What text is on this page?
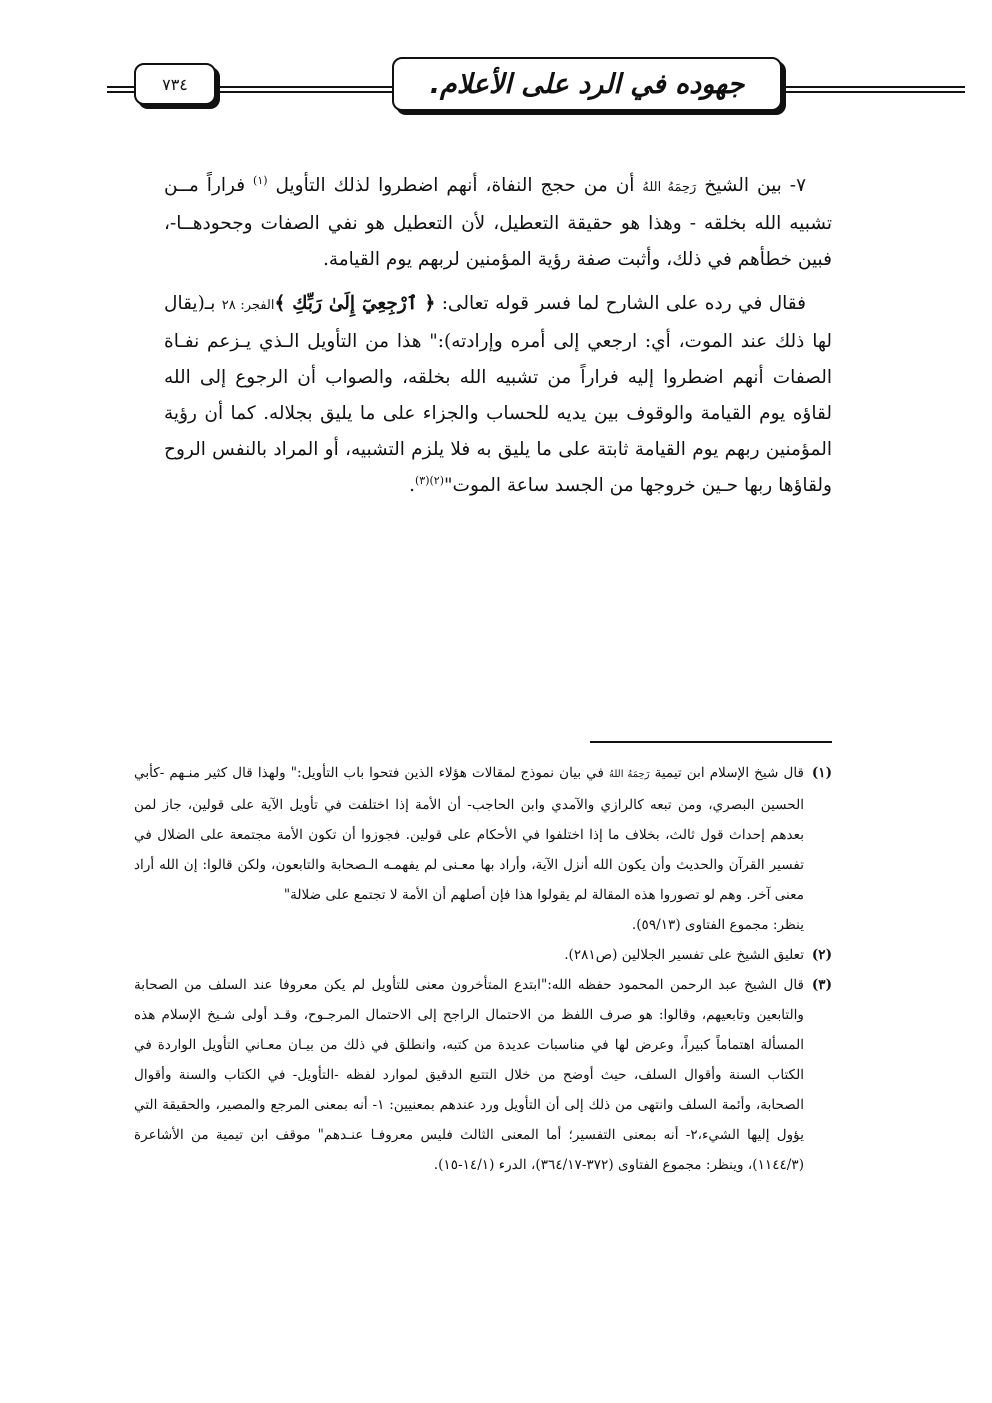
٧٣٤	جهوده في الرد على الأعلام.

٧- بين الشيخ رَحِمَهُ اللهُ أن من حجج النفاة، أنهم اضطروا لذلك التأويل $^{(١)}$ فراراً مــن تشبيه الله بخلقه - وهذا هو حقيقة التعطيل، لأن التعطيل هو نفي الصفات وجحودهــا-، فبين خطأهم في ذلك، وأثبت صفة رؤية المؤمنين لربهم يوم القيامة.

فقال في رده على الشارح لما فسر قوله تعالى: ﴿ ٱرْجِعِيٓ إِلَىٰ رَبِّكِ ﴾الفجر: ٢٨ بـ(يقال لها ذلك عند الموت، أي: ارجعي إلى أمره وإرادته):" هذا من التأويل الـذي يـزعم نفـاة الصفات أنهم اضطروا إليه فراراً من تشبيه الله بخلقه، والصواب أن الرجوع إلى الله لقاؤه يوم القيامة والوقوف بين يديه للحساب والجزاء على ما يليق بجلاله. كما أن رؤية المؤمنين ربهم يوم القيامة ثابتة على ما يليق به فلا يلزم التشبيه، أو المراد بالنفس الروح ولقاؤها ربها حـين خروجها من الجسد ساعة الموت"$^{(٢)(٣)}$.

(١)
قال شيخ الإسلام ابن تيمية رَحِمَهُ اللهُ في بيان نموذج لمقالات هؤلاء الذين فتحوا باب التأويل:" ولهذا قال كثير منـهم -كأبي الحسين البصري، ومن تبعه كالرازي والآمدي وابن الحاجب- أن الأمة إذا اختلفت في تأويل الآية على قولين، جاز لمن بعدهم إحداث قول ثالث، بخلاف ما إذا اختلفوا في الأحكام على قولين. فجوزوا أن تكون الأمة مجتمعة على الضلال في تفسير القرآن والحديث وأن يكون الله أنزل الآية، وأراد بها معـنى لم يفهمـه الـصحابة والتابعون، ولكن قالوا: إن الله أراد معنى آخر. وهم لو تصوروا هذه المقالة لم يقولوا هذا فإن أصلهم أن الأمة لا تجتمع على ضلالة"

ينظر: مجموع الفتاوى (٥٩/١٣).

(٢)
تعليق الشيخ على تفسير الجلالين (ص٢٨١).
(٣)
قال الشيخ عبد الرحمن المحمود حفظه الله:"ابتدع المتأخرون معنى للتأويل لم يكن معروفا عند السلف من الصحابة والتابعين وتابعيهم، وقالوا: هو صرف اللفظ من الاحتمال الراجح إلى الاحتمال المرجـوح، وقـد أولى شـيخ الإسلام هذه المسألة اهتماماً كبيراً، وعرض لها في مناسبات عديدة من كتبه، وانطلق في ذلك من بيـان معـاني التأويل الواردة في الكتاب السنة وأقوال السلف، حيث أوضح من خلال التتبع الدقيق لموارد لفظه -التأويل- في الكتاب والسنة وأقوال الصحابة، وأئمة السلف وانتهى من ذلك إلى أن التأويل ورد عندهم بمعنيين: ١- أنه بمعنى المرجع والمصير، والحقيقة التي يؤول إليها الشيء،٢- أنه بمعنى التفسير؛ أما المعنى الثالث فليس معروفـا عنـدهم" موقف ابن تيمية من الأشاعرة (١١٤٤/٣)، وينظر: مجموع الفتاوى (٣٧٢-٣٦٤/١٧)، الدرء (١٤/١-١٥).
